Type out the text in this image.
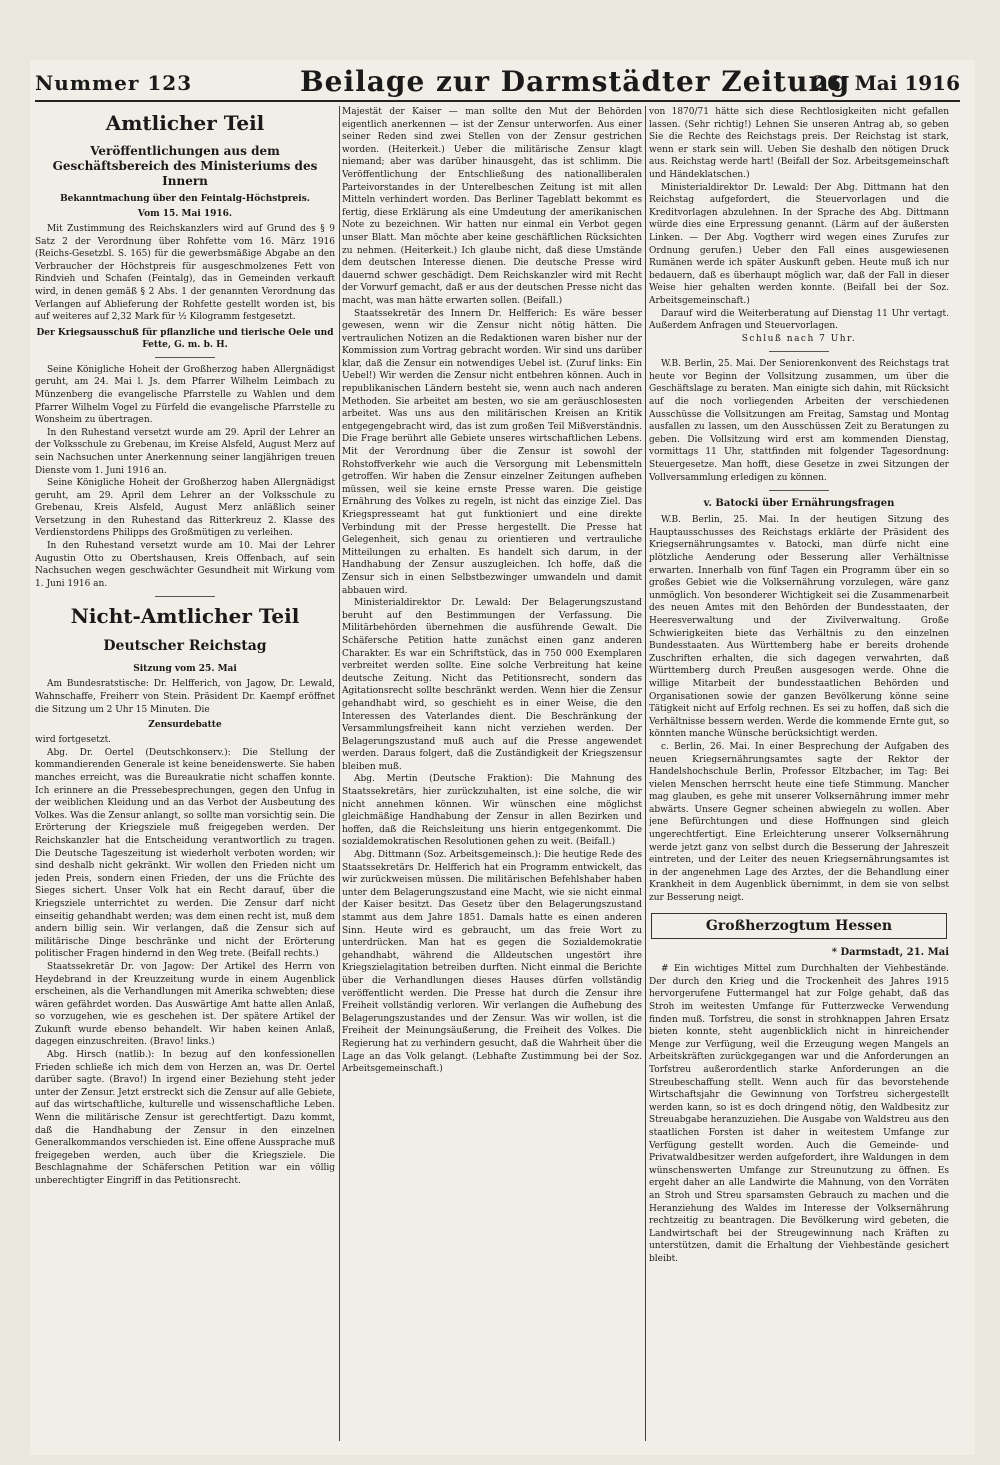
Nummer 123	Beilage zur Darmstädter Zeitung
26. Mai 1916
Amtlicher Teil
Veröffentlichungen aus dem Geschäftsbereich des Ministeriums des Innern
Bekanntmachung über den Feintalg-Höchstpreis.
Vom 15. Mai 1916.

Mit Zustimmung des Reichskanzlers wird auf Grund des § 9 Satz 2 der Verordnung über Rohfette vom 16. März 1916 (Reichs-Gesetzbl. S. 165) für die gewerbsmäßige Abgabe an den Verbraucher der Höchstpreis für ausgeschmolzenes Fett von Rindvieh und Schafen (Feintalg), das in Gemeinden verkauft wird, in denen gemäß § 2 Abs. 1 der genannten Verordnung das Verlangen auf Ablieferung der Rohfette gestellt worden ist, bis auf weiteres auf 2,32 Mark für ½ Kilogramm festgesetzt.

Der Kriegsausschuß für pflanzliche und tierische Oele und Fette, G. m. b. H.

Seine Königliche Hoheit der Großherzog haben Allergnädigst geruht, am 24. Mai l. Js. dem Pfarrer Wilhelm Leimbach zu Münzenberg die evangelische Pfarrstelle zu Wahlen und dem Pfarrer Wilhelm Vogel zu Fürfeld die evangelische Pfarrstelle zu Wonsheim zu übertragen.

In den Ruhestand versetzt wurde am 29. April der Lehrer an der Volksschule zu Grebenau, im Kreise Alsfeld, August Merz auf sein Nachsuchen unter Anerkennung seiner langjährigen treuen Dienste vom 1. Juni 1916 an.

Seine Königliche Hoheit der Großherzog haben Allergnädigst geruht, am 29. April dem Lehrer an der Volksschule zu Grebenau, Kreis Alsfeld, August Merz anläßlich seiner Versetzung in den Ruhestand das Ritterkreuz 2. Klasse des Verdienstordens Philipps des Großmütigen zu verleihen.

In den Ruhestand versetzt wurde am 10. Mai der Lehrer Augustin Otto zu Obertshausen, Kreis Offenbach, auf sein Nachsuchen wegen geschwächter Gesundheit mit Wirkung vom 1. Juni 1916 an.

Nicht-Amtlicher Teil
Deutscher Reichstag
Sitzung vom 25. Mai

Am Bundesratstische: Dr. Helfferich, von Jagow, Dr. Lewald, Wahnschaffe, Freiherr von Stein. Präsident Dr. Kaempf eröffnet die Sitzung um 2 Uhr 15 Minuten. Die

Zensurdebatte

wird fortgesetzt.

Abg. Dr. Oertel (Deutschkonserv.): Die Stellung der kommandierenden Generale ist keine beneidenswerte. Sie haben manches erreicht, was die Bureaukratie nicht schaffen konnte. Ich erinnere an die Pressebesprechungen, gegen den Unfug in der weiblichen Kleidung und an das Verbot der Ausbeutung des Volkes. Was die Zensur anlangt, so sollte man vorsichtig sein. Die Erörterung der Kriegsziele muß freigegeben werden. Der Reichskanzler hat die Entscheidung verantwortlich zu tragen. Die Deutsche Tageszeitung ist wiederholt verboten worden; wir sind deshalb nicht gekränkt. Wir wollen den Frieden nicht um jeden Preis, sondern einen Frieden, der uns die Früchte des Sieges sichert. Unser Volk hat ein Recht darauf, über die Kriegsziele unterrichtet zu werden. Die Zensur darf nicht einseitig gehandhabt werden; was dem einen recht ist, muß dem andern billig sein. Wir verlangen, daß die Zensur sich auf militärische Dinge beschränke und nicht der Erörterung politischer Fragen hindernd in den Weg trete. (Beifall rechts.)

Staatssekretär Dr. von Jagow: Der Artikel des Herrn von Heydebrand in der Kreuzzeitung wurde in einem Augenblick erscheinen, als die Verhandlungen mit Amerika schwebten; diese wären gefährdet worden. Das Auswärtige Amt hatte allen Anlaß, so vorzugehen, wie es geschehen ist. Der spätere Artikel der Zukunft wurde ebenso behandelt. Wir haben keinen Anlaß, dagegen einzuschreiten. (Bravo! links.)

Abg. Hirsch (natlib.): In bezug auf den konfessionellen Frieden schließe ich mich dem von Herzen an, was Dr. Oertel darüber sagte. (Bravo!) In irgend einer Beziehung steht jeder unter der Zensur. Jetzt erstreckt sich die Zensur auf alle Gebiete, auf das wirtschaftliche, kulturelle und wissenschaftliche Leben. Wenn die militärische Zensur ist gerechtfertigt. Dazu kommt, daß die Handhabung der Zensur in den einzelnen Generalkommandos verschieden ist. Eine offene Aussprache muß freigegeben werden, auch über die Kriegsziele. Die Beschlagnahme der Schäferschen Petition war ein völlig unberechtigter Eingriff in das Petitionsrecht.

Majestät der Kaiser — man sollte den Mut der Behörden eigentlich anerkennen — ist der Zensur unterworfen. Aus einer seiner Reden sind zwei Stellen von der Zensur gestrichen worden. (Heiterkeit.) Ueber die militärische Zensur klagt niemand; aber was darüber hinausgeht, das ist schlimm. Die Veröffentlichung der Entschließung des nationalliberalen Parteivorstandes in der Unterelbeschen Zeitung ist mit allen Mitteln verhindert worden. Das Berliner Tageblatt bekommt es fertig, diese Erklärung als eine Umdeutung der amerikanischen Note zu bezeichnen. Wir hatten nur einmal ein Verbot gegen unser Blatt. Man möchte aber keine geschäftlichen Rücksichten zu nehmen. (Heiterkeit.) Ich glaube nicht, daß diese Umstände dem deutschen Interesse dienen. Die deutsche Presse wird dauernd schwer geschädigt. Dem Reichskanzler wird mit Recht der Vorwurf gemacht, daß er aus der deutschen Presse nicht das macht, was man hätte erwarten sollen. (Beifall.)

Staatssekretär des Innern Dr. Helfferich: Es wäre besser gewesen, wenn wir die Zensur nicht nötig hätten. Die vertraulichen Notizen an die Redaktionen waren bisher nur der Kommission zum Vortrag gebracht worden. Wir sind uns darüber klar, daß die Zensur ein notwendiges Uebel ist. (Zuruf links: Ein Uebel!) Wir werden die Zensur nicht entbehren können. Auch in republikanischen Ländern besteht sie, wenn auch nach anderen Methoden. Sie arbeitet am besten, wo sie am geräuschlosesten arbeitet. Was uns aus den militärischen Kreisen an Kritik entgegengebracht wird, das ist zum großen Teil Mißverständnis. Die Frage berührt alle Gebiete unseres wirtschaftlichen Lebens. Mit der Verordnung über die Zensur ist sowohl der Rohstoffverkehr wie auch die Versorgung mit Lebensmitteln getroffen. Wir haben die Zensur einzelner Zeitungen aufheben müssen, weil sie keine ernste Presse waren. Die geistige Ernährung des Volkes zu regeln, ist nicht das einzige Ziel. Das Kriegspresseamt hat gut funktioniert und eine direkte Verbindung mit der Presse hergestellt. Die Presse hat Gelegenheit, sich genau zu orientieren und vertrauliche Mitteilungen zu erhalten. Es handelt sich darum, in der Handhabung der Zensur auszugleichen. Ich hoffe, daß die Zensur sich in einen Selbstbezwinger umwandeln und damit abbauen wird.

Ministerialdirektor Dr. Lewald: Der Belagerungszustand beruht auf den Bestimmungen der Verfassung. Die Militärbehörden übernehmen die ausführende Gewalt. Die Schäfersche Petition hatte zunächst einen ganz anderen Charakter. Es war ein Schriftstück, das in 750 000 Exemplaren verbreitet werden sollte. Eine solche Verbreitung hat keine deutsche Zeitung. Nicht das Petitionsrecht, sondern das Agitationsrecht sollte beschränkt werden. Wenn hier die Zensur gehandhabt wird, so geschieht es in einer Weise, die den Interessen des Vaterlandes dient. Die Beschränkung der Versammlungsfreiheit kann nicht verziehen werden. Der Belagerungszustand muß auch auf die Presse angewendet werden. Daraus folgert, daß die Zuständigkeit der Kriegszensur bleiben muß.

Abg. Mertin (Deutsche Fraktion): Die Mahnung des Staatssekretärs, hier zurückzuhalten, ist eine solche, die wir nicht annehmen können. Wir wünschen eine möglichst gleichmäßige Handhabung der Zensur in allen Bezirken und hoffen, daß die Reichsleitung uns hierin entgegenkommt. Die sozialdemokratischen Resolutionen gehen zu weit. (Beifall.)

Abg. Dittmann (Soz. Arbeitsgemeinsch.): Die heutige Rede des Staatssekretärs Dr. Helfferich hat ein Programm entwickelt, das wir zurückweisen müssen. Die militärischen Befehlshaber haben unter dem Belagerungszustand eine Macht, wie sie nicht einmal der Kaiser besitzt. Das Gesetz über den Belagerungszustand stammt aus dem Jahre 1851. Damals hatte es einen anderen Sinn. Heute wird es gebraucht, um das freie Wort zu unterdrücken. Man hat es gegen die Sozialdemokratie gehandhabt, während die Alldeutschen ungestört ihre Kriegszielagitation betreiben durften. Nicht einmal die Berichte über die Verhandlungen dieses Hauses dürfen vollständig veröffentlicht werden. Die Presse hat durch die Zensur ihre Freiheit vollständig verloren. Wir verlangen die Aufhebung des Belagerungszustandes und der Zensur. Was wir wollen, ist die Freiheit der Meinungsäußerung, die Freiheit des Volkes. Die Regierung hat zu verhindern gesucht, daß die Wahrheit über die Lage an das Volk gelangt. (Lebhafte Zustimmung bei der Soz. Arbeitsgemeinschaft.)

von 1870/71 hätte sich diese Rechtlosigkeiten nicht gefallen lassen. (Sehr richtig!) Lehnen Sie unseren Antrag ab, so geben Sie die Rechte des Reichstags preis. Der Reichstag ist stark, wenn er stark sein will. Ueben Sie deshalb den nötigen Druck aus. Reichstag werde hart! (Beifall der Soz. Arbeitsgemeinschaft und Händeklatschen.)

Ministerialdirektor Dr. Lewald: Der Abg. Dittmann hat den Reichstag aufgefordert, die Steuervorlagen und die Kreditvorlagen abzulehnen. In der Sprache des Abg. Dittmann würde dies eine Erpressung genannt. (Lärm auf der äußersten Linken. — Der Abg. Vogtherr wird wegen eines Zurufes zur Ordnung gerufen.) Ueber den Fall eines ausgewiesenen Rumänen werde ich später Auskunft geben. Heute muß ich nur bedauern, daß es überhaupt möglich war, daß der Fall in dieser Weise hier gehalten werden konnte. (Beifall bei der Soz. Arbeitsgemeinschaft.)

Darauf wird die Weiterberatung auf Dienstag 11 Uhr vertagt. Außerdem Anfragen und Steuervorlagen.

Schluß nach 7 Uhr.

W.B. Berlin, 25. Mai. Der Seniorenkonvent des Reichstags trat heute vor Beginn der Vollsitzung zusammen, um über die Geschäftslage zu beraten. Man einigte sich dahin, mit Rücksicht auf die noch vorliegenden Arbeiten der verschiedenen Ausschüsse die Vollsitzungen am Freitag, Samstag und Montag ausfallen zu lassen, um den Ausschüssen Zeit zu Beratungen zu geben. Die Vollsitzung wird erst am kommenden Dienstag, vormittags 11 Uhr, stattfinden mit folgender Tagesordnung: Steuergesetze. Man hofft, diese Gesetze in zwei Sitzungen der Vollversammlung erledigen zu können.

v. Batocki über Ernährungsfragen

W.B. Berlin, 25. Mai. In der heutigen Sitzung des Hauptausschusses des Reichstags erklärte der Präsident des Kriegsernährungsamtes v. Batocki, man dürfe nicht eine plötzliche Aenderung oder Besserung aller Verhältnisse erwarten. Innerhalb von fünf Tagen ein Programm über ein so großes Gebiet wie die Volksernährung vorzulegen, wäre ganz unmöglich. Von besonderer Wichtigkeit sei die Zusammenarbeit des neuen Amtes mit den Behörden der Bundesstaaten, der Heeresverwaltung und der Zivilverwaltung. Große Schwierigkeiten biete das Verhältnis zu den einzelnen Bundesstaaten. Aus Württemberg habe er bereits drohende Zuschriften erhalten, die sich dagegen verwahrten, daß Württemberg durch Preußen ausgesogen werde. Ohne die willige Mitarbeit der bundesstaatlichen Behörden und Organisationen sowie der ganzen Bevölkerung könne seine Tätigkeit nicht auf Erfolg rechnen. Es sei zu hoffen, daß sich die Verhältnisse bessern werden. Werde die kommende Ernte gut, so könnten manche Wünsche berücksichtigt werden.

c. Berlin, 26. Mai. In einer Besprechung der Aufgaben des neuen Kriegsernährungsamtes sagte der Rektor der Handelshochschule Berlin, Professor Eltzbacher, im Tag: Bei vielen Menschen herrscht heute eine tiefe Stimmung. Mancher mag glauben, es gehe mit unserer Volksernährung immer mehr abwärts. Unsere Gegner scheinen abwiegeln zu wollen. Aber jene Befürchtungen und diese Hoffnungen sind gleich ungerechtfertigt. Eine Erleichterung unserer Volksernährung werde jetzt ganz von selbst durch die Besserung der Jahreszeit eintreten, und der Leiter des neuen Kriegsernährungsamtes ist in der angenehmen Lage des Arztes, der die Behandlung einer Krankheit in dem Augenblick übernimmt, in dem sie von selbst zur Besserung neigt.

Großherzogtum Hessen
* Darmstadt, 21. Mai

# Ein wichtiges Mittel zum Durchhalten der Viehbestände. Der durch den Krieg und die Trockenheit des Jahres 1915 hervorgerufene Futtermangel hat zur Folge gehabt, daß das Stroh im weitesten Umfange für Futterzwecke Verwendung finden muß. Torfstreu, die sonst in strohknappen Jahren Ersatz bieten konnte, steht augenblicklich nicht in hinreichender Menge zur Verfügung, weil die Erzeugung wegen Mangels an Arbeitskräften zurückgegangen war und die Anforderungen an Torfstreu außerordentlich starke Anforderungen an die Streubeschaffung stellt. Wenn auch für das bevorstehende Wirtschaftsjahr die Gewinnung von Torfstreu sichergestellt werden kann, so ist es doch dringend nötig, den Waldbesitz zur Streuabgabe heranzuziehen. Die Ausgabe von Waldstreu aus den staatlichen Forsten ist daher in weitestem Umfange zur Verfügung gestellt worden. Auch die Gemeinde- und Privatwaldbesitzer werden aufgefordert, ihre Waldungen in dem wünschenswerten Umfange zur Streunutzung zu öffnen. Es ergeht daher an alle Landwirte die Mahnung, von den Vorräten an Stroh und Streu sparsamsten Gebrauch zu machen und die Heranziehung des Waldes im Interesse der Volksernährung rechtzeitig zu beantragen. Die Bevölkerung wird gebeten, die Landwirtschaft bei der Streugewinnung nach Kräften zu unterstützen, damit die Erhaltung der Viehbestände gesichert bleibt.
